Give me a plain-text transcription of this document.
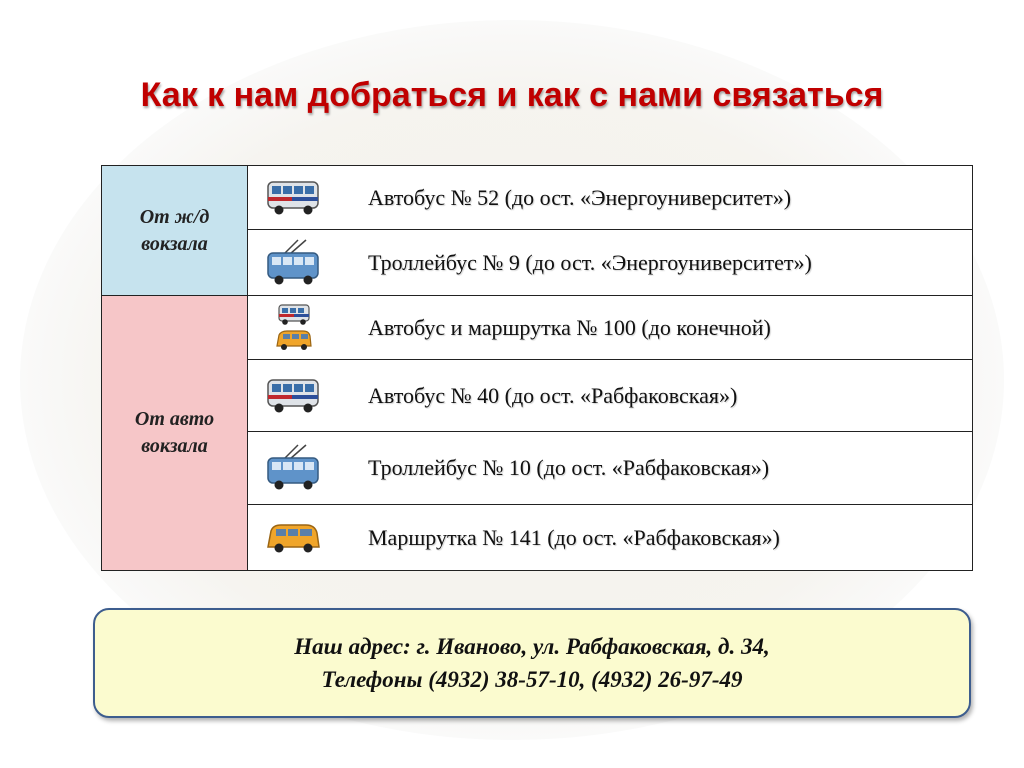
Как к нам добраться и как с нами связаться
От ж/д
вокзала	Автобус № 52 (до ост. «Энергоуниверситет»)

	Троллейбус № 9 (до ост. «Энергоуниверситет»)

От авто
вокзала	Автобус и маршрутка № 100 (до конечной)

	Автобус № 40 (до ост. «Рабфаковская»)

	Троллейбус № 10 (до ост. «Рабфаковская»)

	Маршрутка № 141 (до ост. «Рабфаковская»)
Наш адрес: г. Иваново, ул. Рабфаковская, д. 34,
Телефоны (4932) 38-57-10, (4932) 26-97-49
